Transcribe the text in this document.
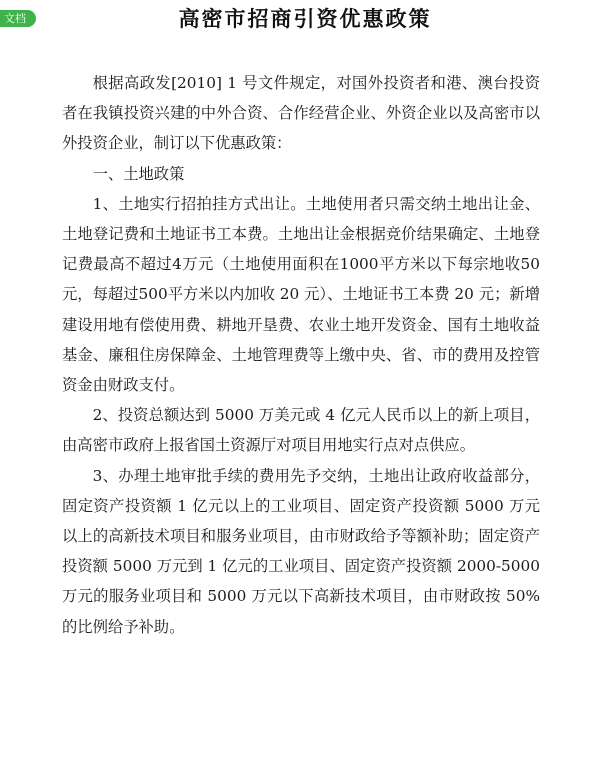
文档	高密市招商引资优惠政策

根据高政发[2010] 1 号文件规定，对国外投资者和港、澳台投资者在我镇投资兴建的中外合资、合作经营企业、外资企业以及高密市以外投资企业，制订以下优惠政策：

一、土地政策

1、土地实行招拍挂方式出让。土地使用者只需交纳土地出让金、土地登记费和土地证书工本费。土地出让金根据竞价结果确定、土地登记费最高不超过4万元（土地使用面积在1000平方米以下每宗地收50元，每超过500平方米以内加收 20 元）、土地证书工本费 20 元；新增建设用地有偿使用费、耕地开垦费、农业土地开发资金、国有土地收益基金、廉租住房保障金、土地管理费等上缴中央、省、市的费用及控管资金由财政支付。

2、投资总额达到 5000 万美元或 4 亿元人民币以上的新上项目，由高密市政府上报省国土资源厅对项目用地实行点对点供应。

3、办理土地审批手续的费用先予交纳，土地出让政府收益部分，固定资产投资额 1 亿元以上的工业项目、固定资产投资额 5000 万元以上的高新技术项目和服务业项目，由市财政给予等额补助；固定资产投资额 5000 万元到 1 亿元的工业项目、固定资产投资额 2000-5000 万元的服务业项目和 5000 万元以下高新技术项目，由市财政按 50%的比例给予补助。
